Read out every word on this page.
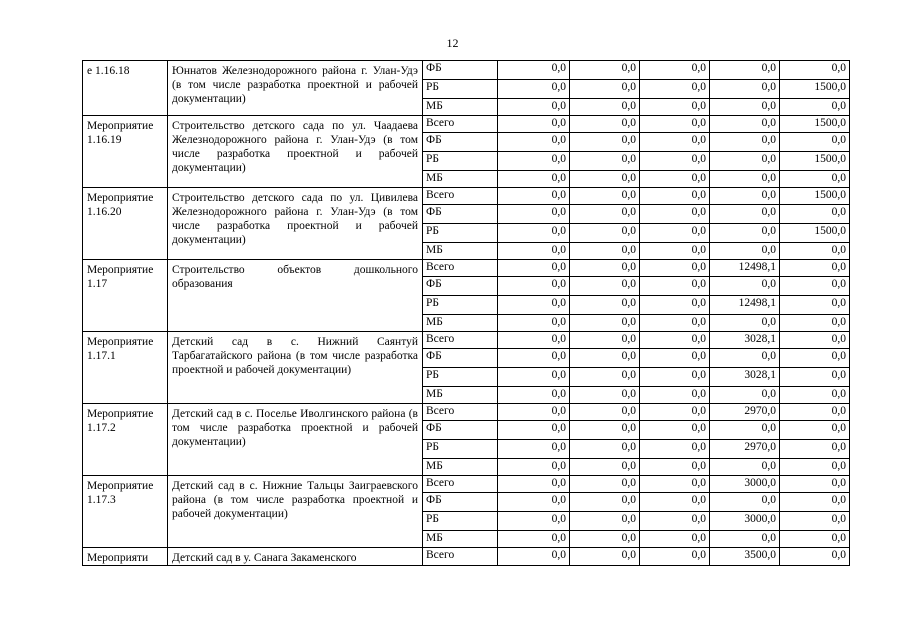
12
е 1.16.18	Юннатов Железнодорожного района г. Улан-Удэ (в том числе разработка проектной и рабочей документации)	ФБ	0,0	0,0	0,0	0,0	0,0
		РБ	0,0	0,0	0,0	0,0	1500,0
		МБ	0,0	0,0	0,0	0,0	0,0
Мероприятие 1.16.19	Строительство детского сада по ул. Чаадаева Железнодорожного района г. Улан-Удэ (в том числе разработка проектной и рабочей документации)	Всего	0,0	0,0	0,0	0,0	1500,0
		ФБ	0,0	0,0	0,0	0,0	0,0
		РБ	0,0	0,0	0,0	0,0	1500,0
		МБ	0,0	0,0	0,0	0,0	0,0
Мероприятие 1.16.20	Строительство детского сада по ул. Цивилева Железнодорожного района г. Улан-Удэ (в том числе разработка проектной и рабочей документации)	Всего	0,0	0,0	0,0	0,0	1500,0
		ФБ	0,0	0,0	0,0	0,0	0,0
		РБ	0,0	0,0	0,0	0,0	1500,0
		МБ	0,0	0,0	0,0	0,0	0,0
Мероприятие 1.17	Строительство объектов дошкольного образования	Всего	0,0	0,0	0,0	12498,1	0,0
		ФБ	0,0	0,0	0,0	0,0	0,0
		РБ	0,0	0,0	0,0	12498,1	0,0
		МБ	0,0	0,0	0,0	0,0	0,0
Мероприятие 1.17.1	Детский сад в с. Нижний Саянтуй Тарбагатайского района (в том числе разработка проектной и рабочей документации)	Всего	0,0	0,0	0,0	3028,1	0,0
		ФБ	0,0	0,0	0,0	0,0	0,0
		РБ	0,0	0,0	0,0	3028,1	0,0
		МБ	0,0	0,0	0,0	0,0	0,0
Мероприятие 1.17.2	Детский сад в с. Поселье Иволгинского района (в том числе разработка проектной и рабочей документации)	Всего	0,0	0,0	0,0	2970,0	0,0
		ФБ	0,0	0,0	0,0	0,0	0,0
		РБ	0,0	0,0	0,0	2970,0	0,0
		МБ	0,0	0,0	0,0	0,0	0,0
Мероприятие 1.17.3	Детский сад в с. Нижние Тальцы Заиграевского района (в том числе разработка проектной и рабочей документации)	Всего	0,0	0,0	0,0	3000,0	0,0
		ФБ	0,0	0,0	0,0	0,0	0,0
		РБ	0,0	0,0	0,0	3000,0	0,0
		МБ	0,0	0,0	0,0	0,0	0,0
Мероприяти	Детский сад в у. Санага Закаменского	Всего	0,0	0,0	0,0	3500,0	0,0
